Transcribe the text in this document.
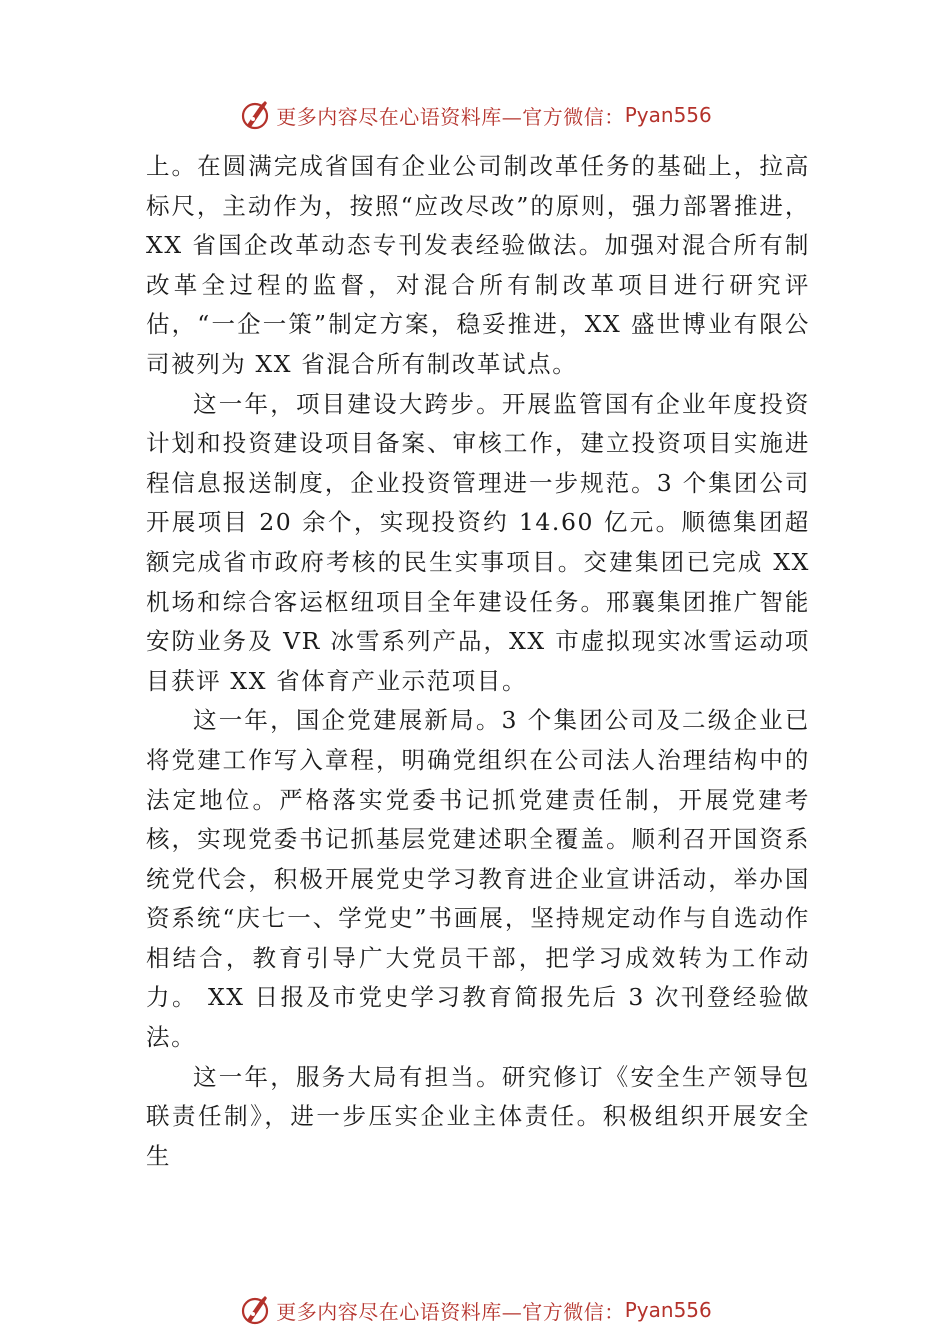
更多内容尽在心语资料库—官方微信： Pyan556

上。在圆满完成省国有企业公司制改革任务的基础上，拉高标尺，主动作为，按照“应改尽改”的原则，强力部署推进，XX 省国企改革动态专刊发表经验做法。加强对混合所有制改革全过程的监督，对混合所有制改革项目进行研究评估，“一企一策”制定方案，稳妥推进，XX 盛世博业有限公司被列为 XX 省混合所有制改革试点。

这一年，项目建设大跨步。开展监管国有企业年度投资计划和投资建设项目备案、审核工作，建立投资项目实施进程信息报送制度，企业投资管理进一步规范。3 个集团公司开展项目 20 余个，实现投资约 14.60 亿元。顺德集团超额完成省市政府考核的民生实事项目。交建集团已完成 XX 机场和综合客运枢纽项目全年建设任务。邢襄集团推广智能安防业务及 VR 冰雪系列产品，XX 市虚拟现实冰雪运动项目获评 XX 省体育产业示范项目。

这一年，国企党建展新局。3 个集团公司及二级企业已将党建工作写入章程，明确党组织在公司法人治理结构中的法定地位。严格落实党委书记抓党建责任制，开展党建考核，实现党委书记抓基层党建述职全覆盖。顺利召开国资系统党代会，积极开展党史学习教育进企业宣讲活动，举办国资系统“庆七一、学党史”书画展，坚持规定动作与自选动作相结合，教育引导广大党员干部，把学习成效转为工作动力。 XX 日报及市党史学习教育简报先后 3 次刊登经验做法。

这一年，服务大局有担当。研究修订《安全生产领导包联责任制》，进一步压实企业主体责任。积极组织开展安全生

更多内容尽在心语资料库—官方微信： Pyan556
